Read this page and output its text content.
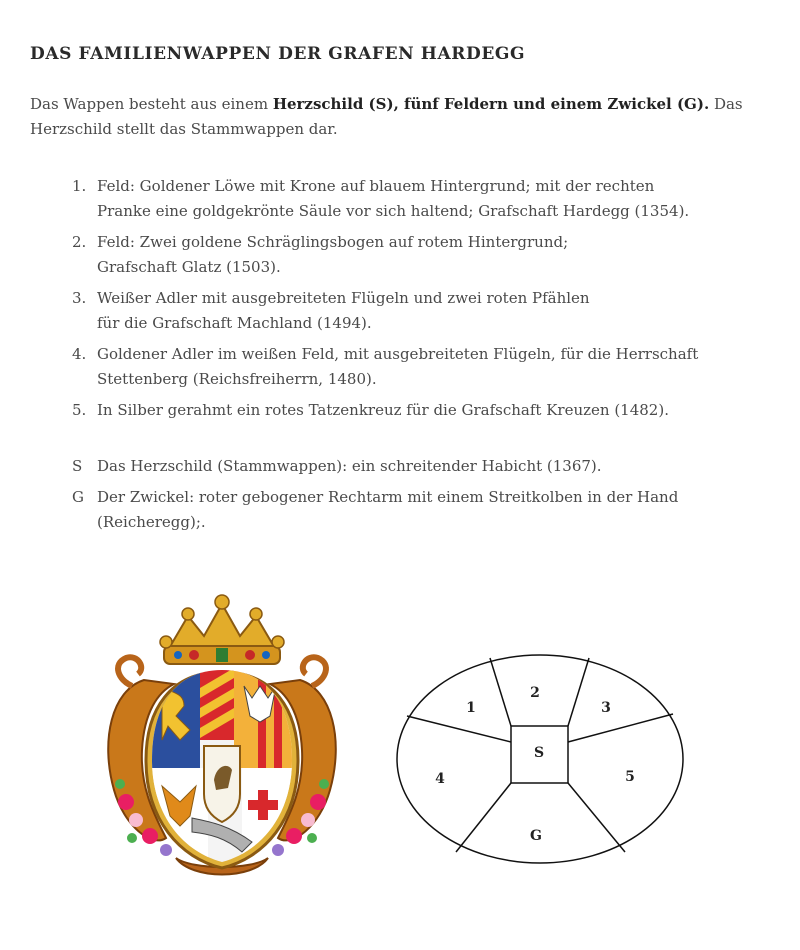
DAS FAMILIENWAPPEN DER GRAFEN HARDEGG

Das Wappen besteht aus einem Herzschild (S), fünf Feldern und einem Zwickel (G). Das Herzschild stellt das Stammwappen dar.

1. Feld: Goldener Löwe mit Krone auf blauem Hintergrund; mit der rechten
Pranke eine goldgekrönte Säule vor sich haltend; Grafschaft Hardegg (1354).
2. Feld: Zwei goldene Schräglingsbogen auf rotem Hintergrund;
Grafschaft Glatz (1503).
3. Weißer Adler mit ausgebreiteten Flügeln und zwei roten Pfählen
für die Grafschaft Machland (1494).
4. Goldener Adler im weißen Feld, mit ausgebreiteten Flügeln, für die Herrschaft
Stettenberg (Reichsfreiherrn, 1480).
5. In Silber gerahmt ein rotes Tatzenkreuz für die Grafschaft Kreuzen (1482).
S Das Herzschild (Stammwappen): ein schreitender Habicht (1367).
G Der Zwickel: roter gebogener Rechtarm mit einem Streitkolben in der Hand
(Reicheregg);.
1
2
3
4	5
S
G
